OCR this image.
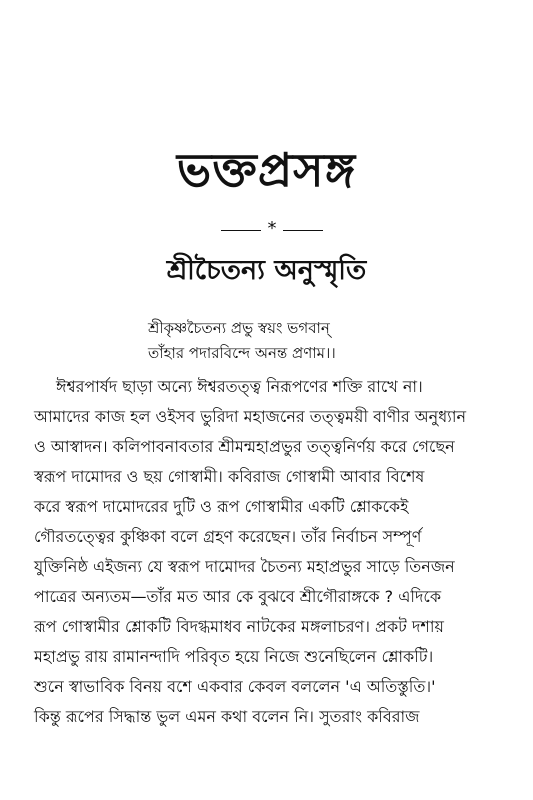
ভক্তপ্রসঙ্গ
*
শ্রীচৈতন্য অনুস্মৃতি
শ্রীকৃষ্ণচৈতন্য প্রভু স্বয়ং ভগবান্
তাঁহার পদারবিন্দে অনন্ত প্রণাম।।
ঈশ্বরপার্ষদ ছাড়া অন্যে ঈশ্বরতত্ত্ব নিরূপণের শক্তি রাখে না।
আমাদের কাজ হল ওইসব ভুরিদা মহাজনের তত্ত্বময়ী বাণীর অনুধ্যান
ও আস্বাদন। কলিপাবনাবতার শ্রীমন্মহাপ্রভুর তত্ত্বনির্ণয় করে গেছেন
স্বরূপ দামোদর ও ছয় গোস্বামী। কবিরাজ গোস্বামী আবার বিশেষ
করে স্বরূপ দামোদরের দুটি ও রূপ গোস্বামীর একটি শ্লোককেই
গৌরতত্ত্বের কুঞ্চিকা বলে গ্রহণ করেছেন। তাঁর নির্বাচন সম্পূর্ণ
যুক্তিনিষ্ঠ এইজন্য যে স্বরূপ দামোদর চৈতন্য মহাপ্রভুর সাড়ে তিনজন
পাত্রের অন্যতম—তাঁর মত আর কে বুঝবে শ্রীগৌরাঙ্গকে ? এদিকে
রূপ গোস্বামীর শ্লোকটি বিদগ্ধমাধব নাটকের মঙ্গলাচরণ। প্রকট দশায়
মহাপ্রভু রায় রামানন্দাদি পরিবৃত হয়ে নিজে শুনেছিলেন শ্লোকটি।
শুনে স্বাভাবিক বিনয় বশে একবার কেবল বললেন 'এ অতিস্তুতি।'
কিন্তু রূপের সিদ্ধান্ত ভুল এমন কথা বলেন নি। সুতরাং কবিরাজ
